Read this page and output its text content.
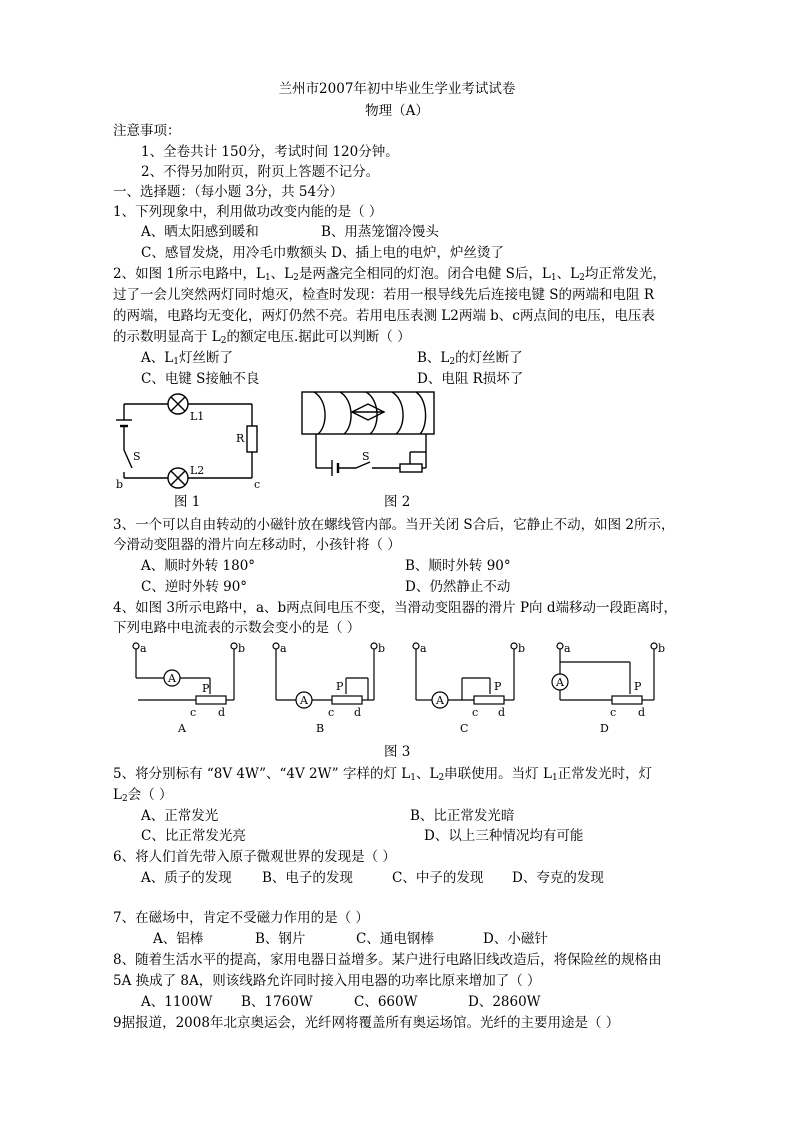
兰州市2007年初中毕业生学业考试试卷
物理（A）
注意事项：
1、全卷共计 150分，考试时间 120分钟。
2、不得另加附页，附页上答题不记分。
一、选择题：（每小题 3分，共 54分）
1、下列现象中，利用做功改变内能的是（ ）
A、晒太阳感到暖和	B、用蒸笼馏冷馒头
C、感冒发烧，用冷毛巾敷额头 D、插上电的电炉，炉丝烫了
2、如图 1所示电路中，$L_1$、$L_2$是两盏完全相同的灯泡。闭合电健 S后，$L_1$、$L_2$均正常发光，
过了一会儿突然两灯同时熄灭，检查时发现：若用一根导线先后连接电键 S的两端和电阻 R
的两端，电路均无变化，两灯仍然不亮。若用电压表测 L2两端 b、c两点间的电压，电压表
的示数明显高于 $L_2$的额定电压.据此可以判断（ ）
A、$L_1$灯丝断了	B、$L_2$的灯丝断了
C、电键 S接触不良	D、电阻 R损坏了
L1
R
S
L2
b	c
图 1
S
图 2
3、一个可以自由转动的小磁针放在螺线管内部。当开关闭 S合后，它静止不动，如图 2所示，
今滑动变阻器的滑片向左移动时，小孩针将（ ）
A、顺时外转 180°	B、顺时外转 90°
C、逆时外转 90°	D、仍然静止不动
4、如图 3所示电路中，a、b两点间电压不变，当滑动变阻器的滑片 P向 d端移动一段距离时，
下列电路中电流表的示数会变小的是（ ）
A
a	b
P
c d
A
A
a	b
P
c d
B
A
a	b
P
c d
C
A
a	b
P
c d
D
图 3
5、将分别标有 “8V 4W”、“4V 2W” 字样的灯 $L_1$、$L_2$串联使用。当灯 $L_1$正常发光时，灯
$L_2$会（ ）
A、正常发光	B、比正常发光暗
C、比正常发光亮	D、以上三种情况均有可能
6、将人们首先带入原子微观世界的发现是（ ）
A、质子的发现 B、电子的发现	C、中子的发现 D、夸克的发现
7、在磁场中，肯定不受磁力作用的是（ ）
A、铝棒	B、钢片	C、通电钢棒	D、小磁针
8、随着生活水平的提高，家用电器日益增多。某户进行电路旧线改造后，将保险丝的规格由
5A 换成了 8A，则该线路允许同时接入用电器的功率比原来增加了（ ）
A、1100W B、1760W	C、660W	D、2860W
9据报道，2008年北京奥运会，光纤网将覆盖所有奥运场馆。光纤的主要用途是（ ）
